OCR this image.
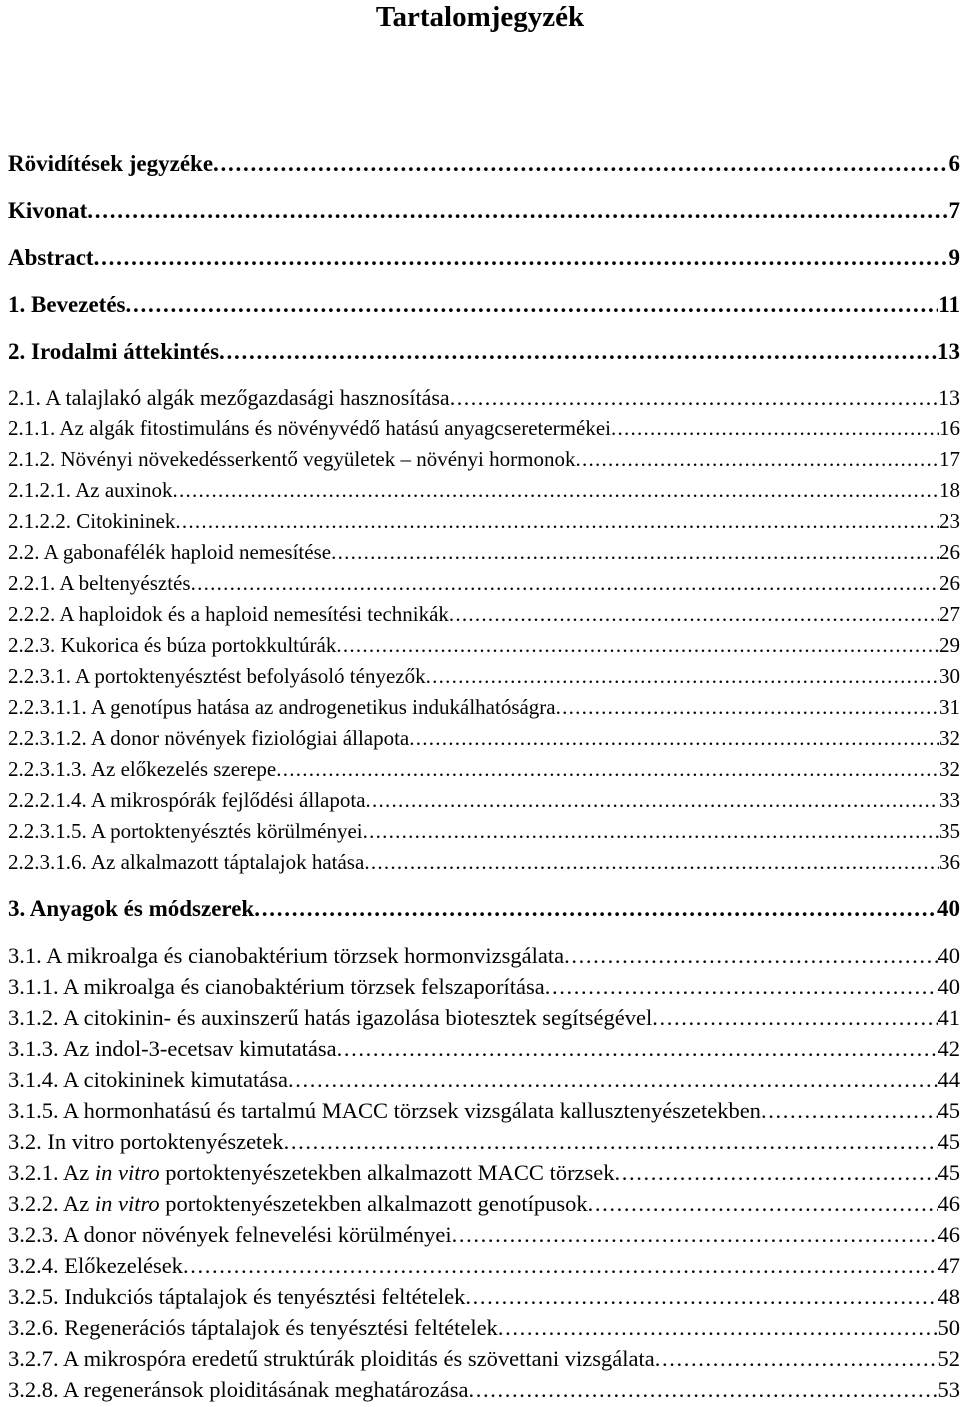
Tartalomjegyzék
Rövidítések jegyzéke . . .	6
Kivonat . . .	7
Abstract . . .	9
1. Bevezetés . . .	11
2. Irodalmi áttekintés . . .	13
2.1. A talajlakó algák mezőgazdasági hasznosítása . . .	13
2.1.1. Az algák fitostimuláns és növényvédő hatású anyagcseretermékei . . .	16
2.1.2. Növényi növekedésserkentő vegyületek – növényi hormonok . . .	17
2.1.2.1. Az auxinok . . .	18
2.1.2.2. Citokininek . . .	23
2.2. A gabonafélék haploid nemesítése . . .	26
2.2.1. A beltenyésztés . . .	26
2.2.2. A haploidok és a haploid nemesítési technikák . . .	27
2.2.3. Kukorica és búza portokkultúrák . . .	29
2.2.3.1. A portoktenyésztést befolyásoló tényezők . . .	30
2.2.3.1.1. A genotípus hatása az androgenetikus indukálhatóságra . . .	31
2.2.3.1.2. A donor növények fiziológiai állapota . . .	32
2.2.3.1.3. Az előkezelés szerepe . . .	32
2.2.2.1.4. A mikrospórák fejlődési állapota . . .	33
2.2.3.1.5. A portoktenyésztés körülményei . . .	35
2.2.3.1.6. Az alkalmazott táptalajok hatása . . .	36
3. Anyagok és módszerek . . .	40
3.1. A mikroalga és cianobaktérium törzsek hormonvizsgálata . . .	40
3.1.1. A mikroalga és cianobaktérium törzsek felszaporítása . . .	40
3.1.2. A citokinin- és auxinszerű hatás igazolása biotesztek segítségével . . .	41
3.1.3. Az indol-3-ecetsav kimutatása . . .	42
3.1.4. A citokininek kimutatása . . .	44
3.1.5. A hormonhatású és tartalmú MACC törzsek vizsgálata kallusztenyészetekben . . .	45
3.2. In vitro portoktenyészetek . . .	45
3.2.1. Az in vitro portoktenyészetekben alkalmazott MACC törzsek . . .	45
3.2.2. Az in vitro portoktenyészetekben alkalmazott genotípusok . . .	46
3.2.3. A donor növények felnevelési körülményei . . .	46
3.2.4. Előkezelések . . .	47
3.2.5. Indukciós táptalajok és tenyésztési feltételek . . .	48
3.2.6. Regenerációs táptalajok és tenyésztési feltételek . . .	50
3.2.7. A mikrospóra eredetű struktúrák ploiditás és szövettani vizsgálata . . .	52
3.2.8. A regeneránsok ploiditásának meghatározása . . .	53
